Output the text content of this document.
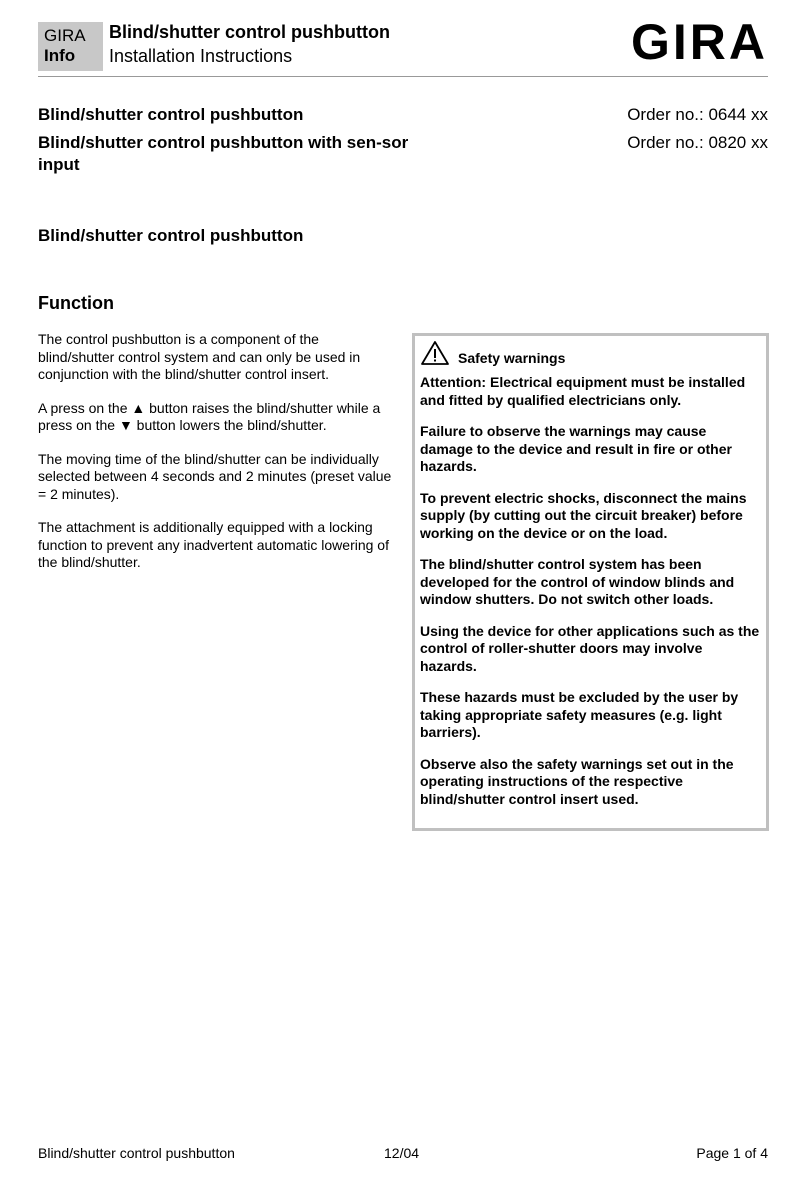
GIRA
Info
Blind/shutter control pushbutton
Installation Instructions	GIRA
Blind/shutter control pushbutton	Order no.: 0644 xx
Blind/shutter control pushbutton with sen-sor input
Order no.: 0820 xx
Blind/shutter control pushbutton
Function

The control pushbutton is a component of the blind/shutter control system and can only be used in conjunction with the blind/shutter control insert.

A press on the ▲ button raises the blind/shutter while a press on the ▼ button lowers the blind/shutter.

The moving time of the blind/shutter can be individually selected between 4 seconds and 2 minutes (preset value = 2 minutes).

The attachment is additionally equipped with a locking function to prevent any inadvertent automatic lowering of the blind/shutter.

Safety warnings

Attention: Electrical equipment must be installed and fitted by qualified electricians only.

Failure to observe the warnings may cause damage to the device and result in fire or other hazards.

To prevent electric shocks, disconnect the mains supply (by cutting out the circuit breaker) before working on the device or on the load.

The blind/shutter control system has been developed for the control of window blinds and window shutters. Do not switch other loads.

Using the device for other applications such as the control of roller-shutter doors may involve hazards.

These hazards must be excluded by the user by taking appropriate safety measures (e.g. light barriers).

Observe also the safety warnings set out in the operating instructions of the respective blind/shutter control insert used.

Blind/shutter control pushbutton	12/04	Page 1 of 4
